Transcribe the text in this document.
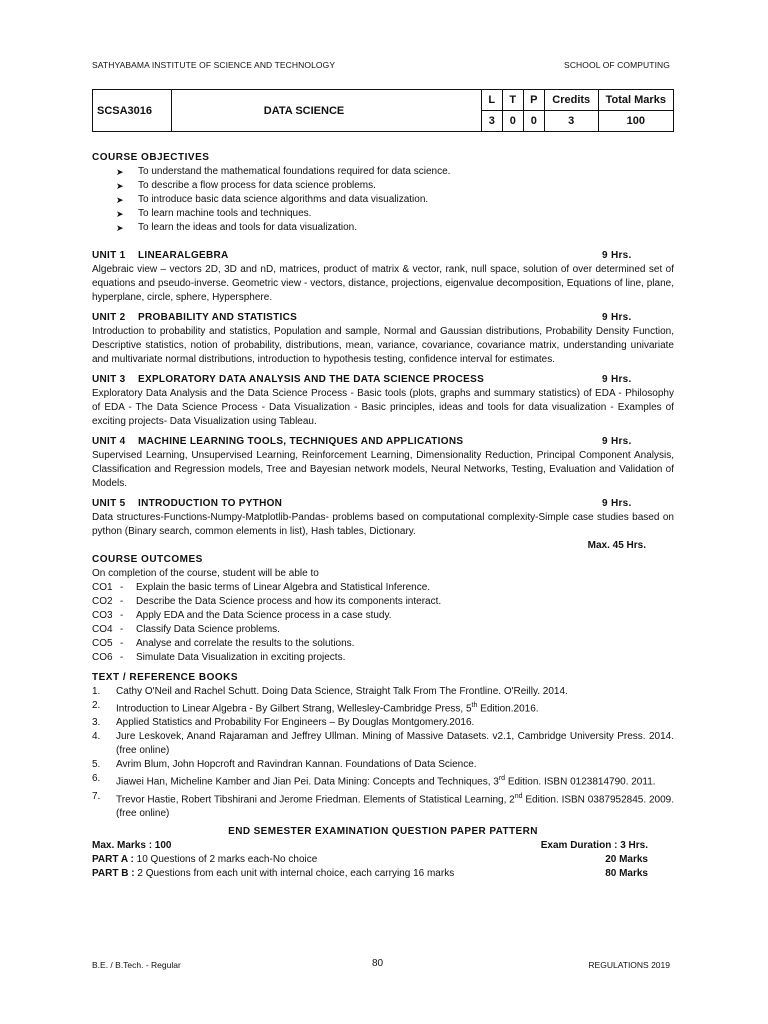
SATHYABAMA INSTITUTE OF SCIENCE AND TECHNOLOGY	SCHOOL OF COMPUTING
SCSA3016	DATA SCIENCE	L	T	P	Credits	Total Marks
		3	0	0	3	100
COURSE OBJECTIVES
➤	To understand the mathematical foundations required for data science.
➤	To describe a flow process for data science problems.
➤	To introduce basic data science algorithms and data visualization.
➤	To learn machine tools and techniques.
➤	To learn the ideas and tools for data visualization.
UNIT 1	LINEARALGEBRA	9 Hrs.

Algebraic view – vectors 2D, 3D and nD, matrices, product of matrix & vector, rank, null space, solution of over determined set of equations and pseudo-inverse. Geometric view - vectors, distance, projections, eigenvalue decomposition, Equations of line, plane, hyperplane, circle, sphere, Hypersphere.

UNIT 2	PROBABILITY AND STATISTICS	9 Hrs.

Introduction to probability and statistics, Population and sample, Normal and Gaussian distributions, Probability Density Function, Descriptive statistics, notion of probability, distributions, mean, variance, covariance, covariance matrix, understanding univariate and multivariate normal distributions, introduction to hypothesis testing, confidence interval for estimates.

UNIT 3	EXPLORATORY DATA ANALYSIS AND THE DATA SCIENCE PROCESS	9 Hrs.

Exploratory Data Analysis and the Data Science Process - Basic tools (plots, graphs and summary statistics) of EDA - Philosophy of EDA - The Data Science Process - Data Visualization - Basic principles, ideas and tools for data visualization - Examples of exciting projects- Data Visualization using Tableau.

UNIT 4	MACHINE LEARNING TOOLS, TECHNIQUES AND APPLICATIONS	9 Hrs.

Supervised Learning, Unsupervised Learning, Reinforcement Learning, Dimensionality Reduction, Principal Component Analysis, Classification and Regression models, Tree and Bayesian network models, Neural Networks, Testing, Evaluation and Validation of Models.

UNIT 5	INTRODUCTION TO PYTHON	9 Hrs.

Data structures-Functions-Numpy-Matplotlib-Pandas- problems based on computational complexity-Simple case studies based on python (Binary search, common elements in list), Hash tables, Dictionary.

Max. 45 Hrs.
COURSE OUTCOMES
On completion of the course, student will be able to
CO1 -	Explain the basic terms of Linear Algebra and Statistical Inference.
CO2 -	Describe the Data Science process and how its components interact.
CO3 -	Apply EDA and the Data Science process in a case study.
CO4 -	Classify Data Science problems.
CO5 -	Analyse and correlate the results to the solutions.
CO6 -	Simulate Data Visualization in exciting projects.
TEXT / REFERENCE BOOKS
1.	Cathy O'Neil and Rachel Schutt. Doing Data Science, Straight Talk From The Frontline. O'Reilly. 2014.
2.	Introduction to Linear Algebra - By Gilbert Strang, Wellesley-Cambridge Press, 5th Edition.2016.
3.	Applied Statistics and Probability For Engineers – By Douglas Montgomery.2016.
4.	Jure Leskovek, Anand Rajaraman and Jeffrey Ullman. Mining of Massive Datasets. v2.1, Cambridge University Press. 2014. (free online)
5.	Avrim Blum, John Hopcroft and Ravindran Kannan. Foundations of Data Science.
6.	Jiawei Han, Micheline Kamber and Jian Pei. Data Mining: Concepts and Techniques, 3rd Edition. ISBN 0123814790. 2011.
7.	Trevor Hastie, Robert Tibshirani and Jerome Friedman. Elements of Statistical Learning, 2nd Edition. ISBN 0387952845. 2009. (free online)
END SEMESTER EXAMINATION QUESTION PAPER PATTERN
Max. Marks : 100	Exam Duration : 3 Hrs.
PART A : 10 Questions of 2 marks each-No choice	20 Marks
PART B : 2 Questions from each unit with internal choice, each carrying 16 marks	80 Marks
B.E. / B.Tech. - Regular	80	REGULATIONS 2019
